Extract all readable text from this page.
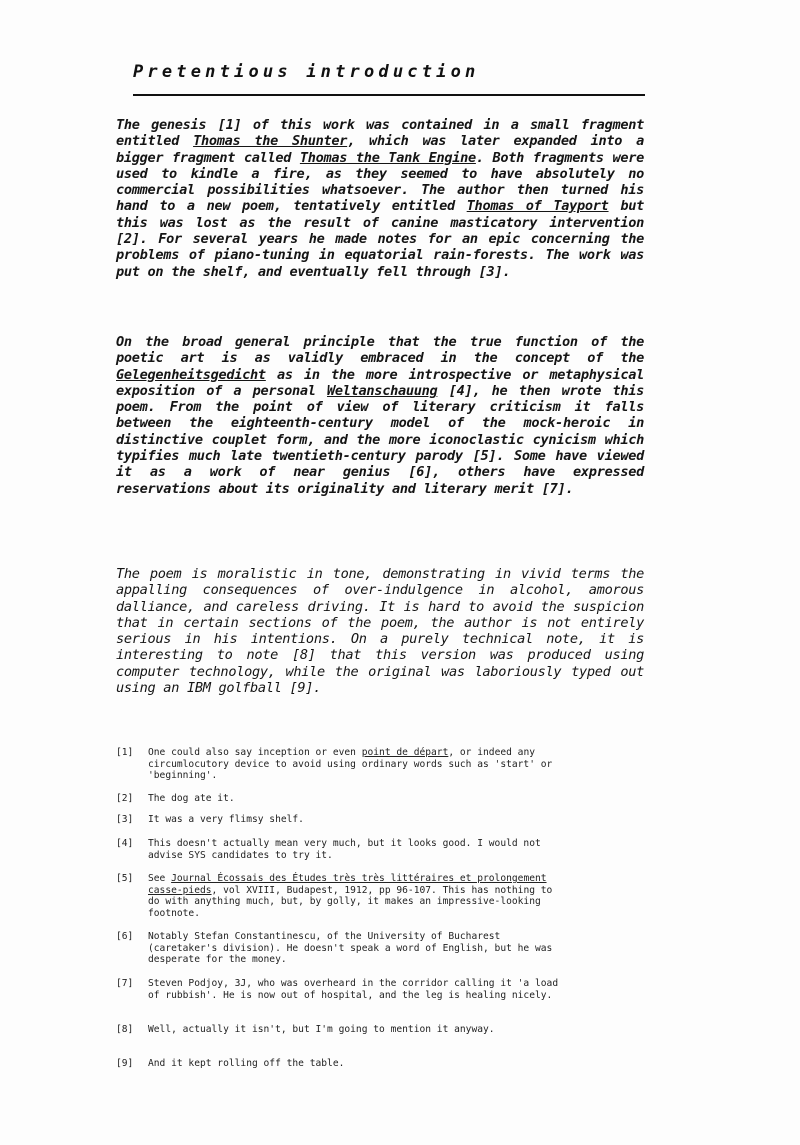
Pretentious introduction

The genesis [1] of this work was contained in a small fragment entitled Thomas the Shunter, which was later expanded into a bigger fragment called Thomas the Tank Engine. Both fragments were used to kindle a fire, as they seemed to have absolutely no commercial possibilities whatsoever. The author then turned his hand to a new poem, tentatively entitled Thomas of Tayport but this was lost as the result of canine masticatory intervention [2]. For several years he made notes for an epic concerning the problems of piano-tuning in equatorial rain-forests. The work was put on the shelf, and eventually fell through [3].

On the broad general principle that the true function of the poetic art is as validly embraced in the concept of the Gelegenheitsgedicht as in the more introspective or metaphysical exposition of a personal Weltanschauung [4], he then wrote this poem. From the point of view of literary criticism it falls between the eighteenth-century model of the mock-heroic in distinctive couplet form, and the more iconoclastic cynicism which typifies much late twentieth-century parody [5]. Some have viewed it as a work of near genius [6], others have expressed reservations about its originality and literary merit [7].

The poem is moralistic in tone, demonstrating in vivid terms the appalling consequences of over-indulgence in alcohol, amorous dalliance, and careless driving. It is hard to avoid the suspicion that in certain sections of the poem, the author is not entirely serious in his intentions. On a purely technical note, it is interesting to note [8] that this version was produced using computer technology, while the original was laboriously typed out using an IBM golfball [9].

[1]	One could also say inception or even point de départ, or indeed any circumlocutory device to avoid using ordinary words such as 'start' or 'beginning'.
[2]	The dog ate it.
[3]	It was a very flimsy shelf.
[4]	This doesn't actually mean very much, but it looks good. I would not advise SYS candidates to try it.
[5]	See Journal Écossais des Études très très littéraires et prolongement casse-pieds, vol XVIII, Budapest, 1912, pp 96-107. This has nothing to do with anything much, but, by golly, it makes an impressive-looking footnote.
[6]	Notably Stefan Constantinescu, of the University of Bucharest (caretaker's division). He doesn't speak a word of English, but he was desperate for the money.
[7]	Steven Podjoy, 3J, who was overheard in the corridor calling it 'a load of rubbish'. He is now out of hospital, and the leg is healing nicely.
[8]	Well, actually it isn't, but I'm going to mention it anyway.
[9]	And it kept rolling off the table.
